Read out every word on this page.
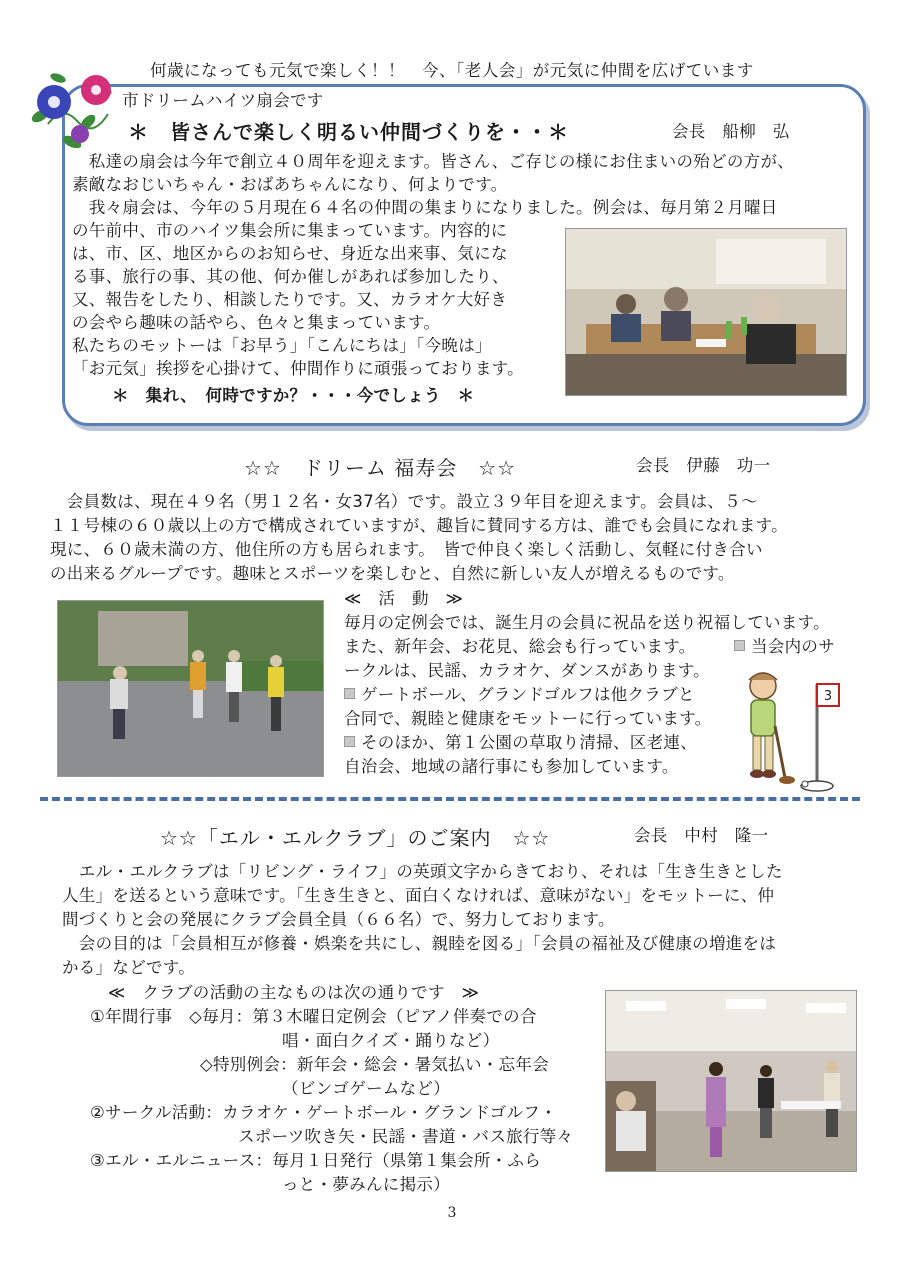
何歳になっても元気で楽しく！！　今、「老人会」が元気に仲間を広げています
市ドリームハイツ扇会です
＊　皆さんで楽しく明るい仲間づくりを・・＊	会長　船柳　弘
　私達の扇会は今年で創立４０周年を迎えます。皆さん、ご存じの様にお住まいの殆どの方が、
素敵なおじいちゃん・おばあちゃんになり、何よりです。
　我々扇会は、今年の５月現在６４名の仲間の集まりになりました。例会は、毎月第２月曜日
の午前中、市のハイツ集会所に集まっています。内容的に
は、市、区、地区からのお知らせ、身近な出来事、気にな
る事、旅行の事、其の他、何か催しがあれば参加したり、
又、報告をしたり、相談したりです。又、カラオケ大好き
の会やら趣味の話やら、色々と集まっています。
私たちのモットーは「お早う」「こんにちは」「今晩は」
「お元気」挨拶を心掛けて、仲間作りに頑張っております。
＊　集れ、　何時ですか？・・・今でしょう　＊
☆☆　ドリーム 福寿会　☆☆	会長　伊藤　功一
　会員数は、現在４９名（男１２名・女37名）です。設立３９年目を迎えます。会員は、５～
１１号棟の６０歳以上の方で構成されていますが、趣旨に賛同する方は、誰でも会員になれます。
現に、６０歳未満の方、他住所の方も居られます。　皆で仲良く楽しく活動し、気軽に付き合い
の出来るグループです。趣味とスポーツを楽しむと、自然に新しい友人が増えるものです。
≪　活　動　≫
毎月の定例会では、誕生月の会員に祝品を送り祝福しています。
また、新年会、お花見、総会も行っています。	当会内のサ
ークルは、民謡、カラオケ、ダンスがあります。
ゲートボール、グランドゴルフは他クラブと
合同で、親睦と健康をモットーに行っています。
そのほか、第１公園の草取り清掃、区老連、
自治会、地域の諸行事にも参加しています。
3
☆☆「エル・エルクラブ」のご案内　☆☆	会長　中村　隆一
　エル・エルクラブは「リビング・ライフ」の英頭文字からきており、それは「生き生きとした
人生」を送るという意味です。「生き生きと、面白くなければ、意味がない」をモットーに、仲
間づくりと会の発展にクラブ会員全員（６６名）で、努力しております。
　会の目的は「会員相互が修養・娯楽を共にし、親睦を図る」「会員の福祉及び健康の増進をは
かる」などです。
≪　クラブの活動の主なものは次の通りです　≫
①年間行事　◇毎月：第３木曜日定例会（ピアノ伴奏での合
唱・面白クイズ・踊りなど）
◇特別例会：新年会・総会・暑気払い・忘年会
（ビンゴゲームなど）
②サークル活動：カラオケ・ゲートボール・グランドゴルフ・
スポーツ吹き矢・民謡・書道・バス旅行等々
③エル・エルニュース：毎月１日発行（県第１集会所・ふら
っと・夢みんに掲示）
3
